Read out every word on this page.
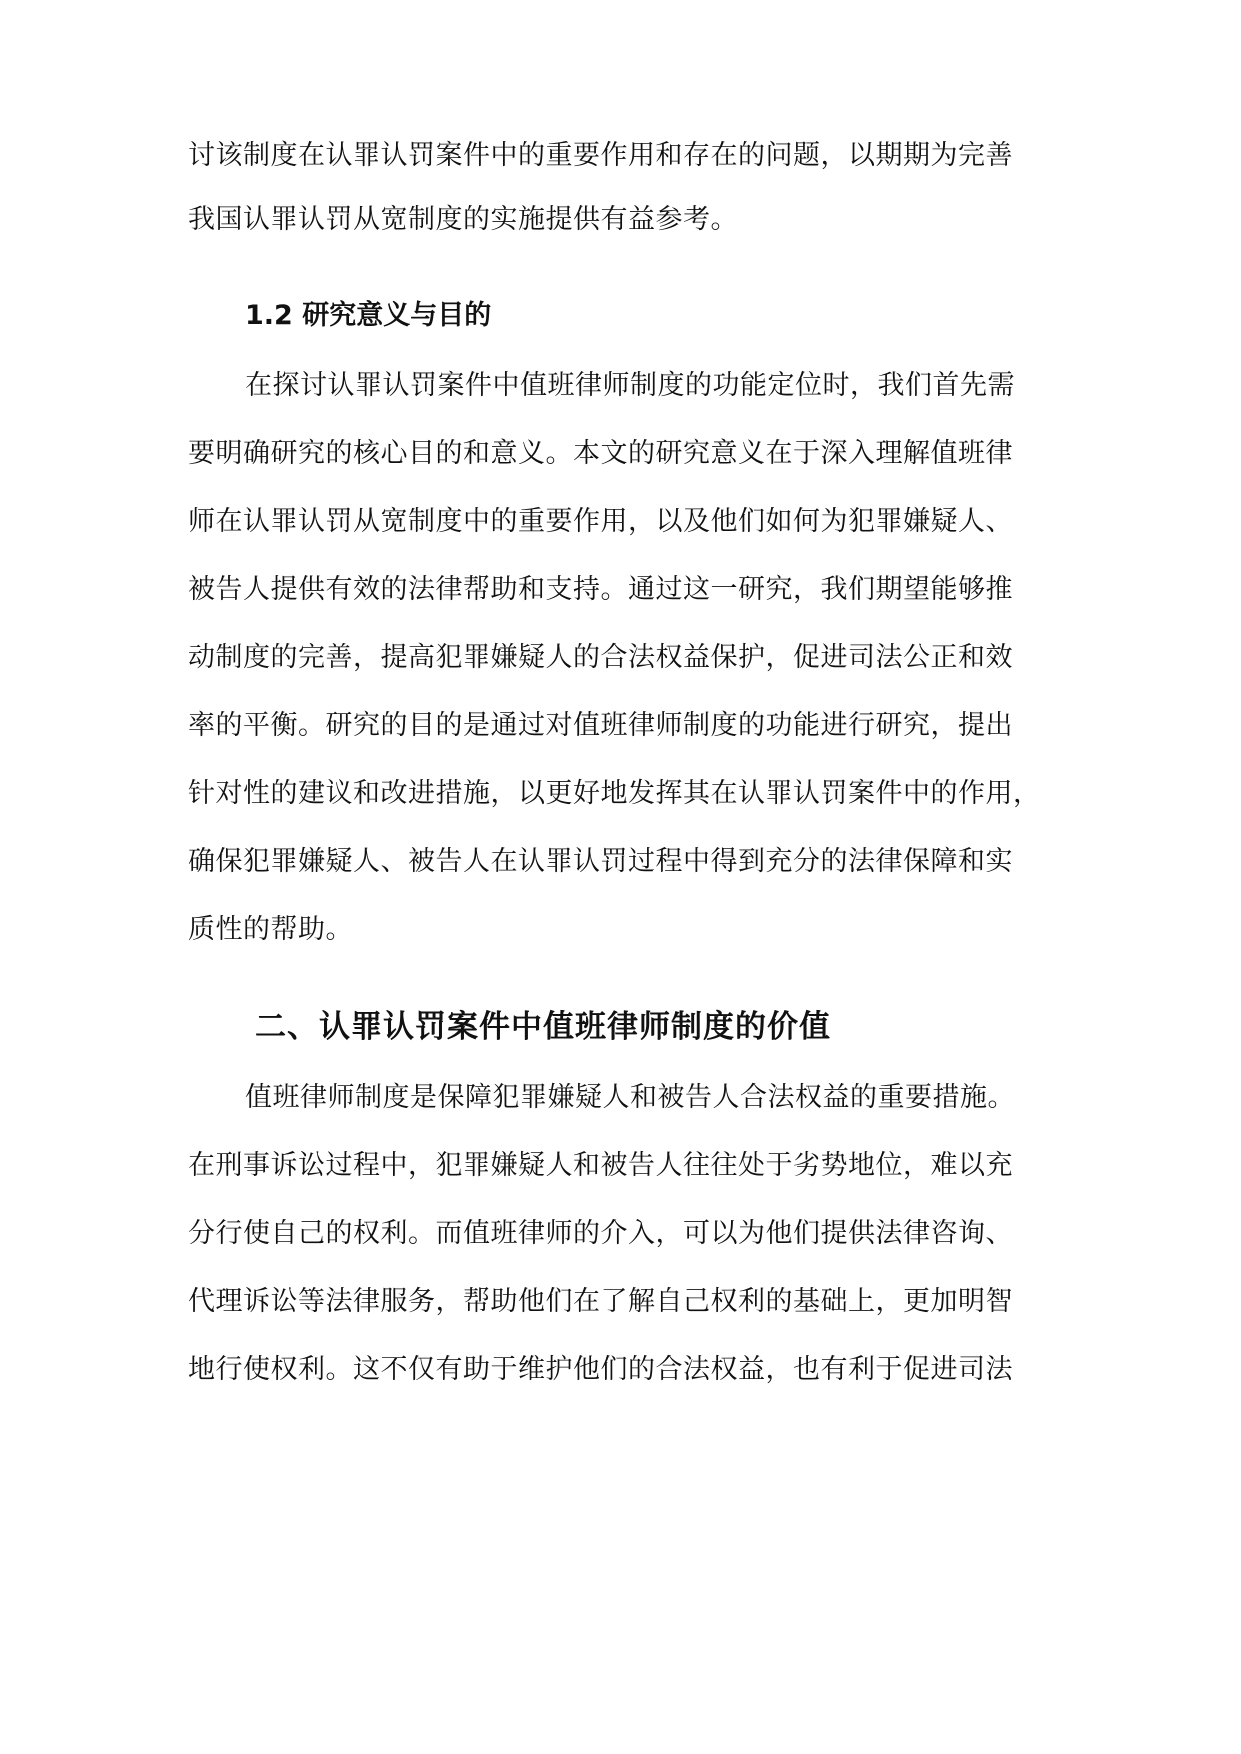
讨该制度在认罪认罚案件中的重要作用和存在的问题，以期期为完善
我国认罪认罚从宽制度的实施提供有益参考。
1.2 研究意义与目的
在探讨认罪认罚案件中值班律师制度的功能定位时，我们首先需
要明确研究的核心目的和意义。本文的研究意义在于深入理解值班律
师在认罪认罚从宽制度中的重要作用，以及他们如何为犯罪嫌疑人、
被告人提供有效的法律帮助和支持。通过这一研究，我们期望能够推
动制度的完善，提高犯罪嫌疑人的合法权益保护，促进司法公正和效
率的平衡。研究的目的是通过对值班律师制度的功能进行研究，提出
针对性的建议和改进措施，以更好地发挥其在认罪认罚案件中的作用，
确保犯罪嫌疑人、被告人在认罪认罚过程中得到充分的法律保障和实
质性的帮助。
二、认罪认罚案件中值班律师制度的价值
值班律师制度是保障犯罪嫌疑人和被告人合法权益的重要措施。
在刑事诉讼过程中，犯罪嫌疑人和被告人往往处于劣势地位，难以充
分行使自己的权利。而值班律师的介入，可以为他们提供法律咨询、
代理诉讼等法律服务，帮助他们在了解自己权利的基础上，更加明智
地行使权利。这不仅有助于维护他们的合法权益，也有利于促进司法
